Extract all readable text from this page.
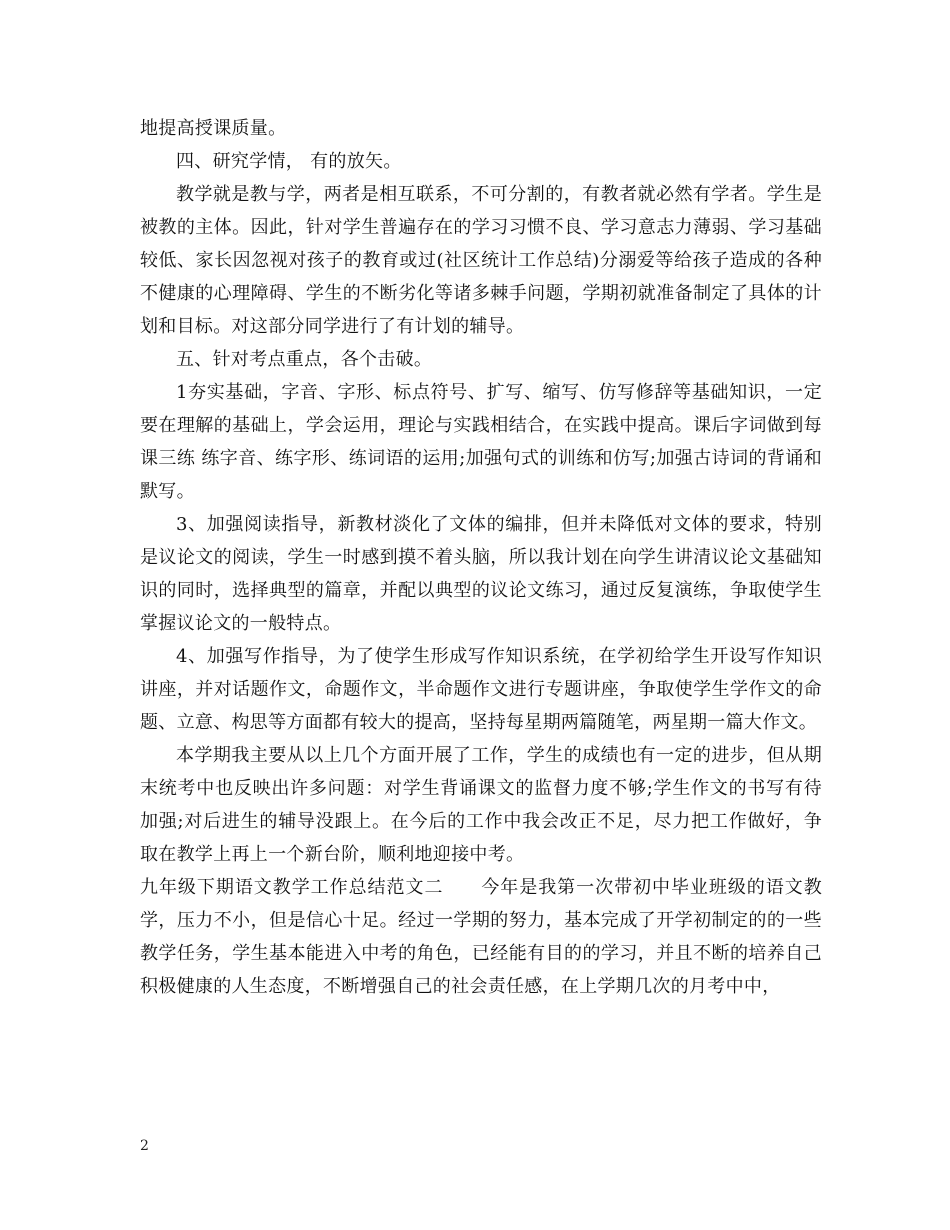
地提高授课质量。

四、研究学情， 有的放矢。

教学就是教与学，两者是相互联系，不可分割的，有教者就必然有学者。学生是被教的主体。因此，针对学生普遍存在的学习习惯不良、学习意志力薄弱、学习基础较低、家长因忽视对孩子的教育或过(社区统计工作总结)分溺爱等给孩子造成的各种不健康的心理障碍、学生的不断劣化等诸多棘手问题，学期初就准备制定了具体的计划和目标。对这部分同学进行了有计划的辅导。

五、针对考点重点，各个击破。

1夯实基础，字音、字形、标点符号、扩写、缩写、仿写修辞等基础知识，一定要在理解的基础上，学会运用，理论与实践相结合，在实践中提高。课后字词做到每课三练 练字音、练字形、练词语的运用;加强句式的训练和仿写;加强古诗词的背诵和默写。

3、加强阅读指导，新教材淡化了文体的编排，但并未降低对文体的要求，特别是议论文的阅读，学生一时感到摸不着头脑，所以我计划在向学生讲清议论文基础知识的同时，选择典型的篇章，并配以典型的议论文练习，通过反复演练，争取使学生掌握议论文的一般特点。

4、加强写作指导，为了使学生形成写作知识系统，在学初给学生开设写作知识讲座，并对话题作文，命题作文，半命题作文进行专题讲座，争取使学生学作文的命题、立意、构思等方面都有较大的提高，坚持每星期两篇随笔，两星期一篇大作文。

本学期我主要从以上几个方面开展了工作，学生的成绩也有一定的进步，但从期末统考中也反映出许多问题：对学生背诵课文的监督力度不够;学生作文的书写有待加强;对后进生的辅导没跟上。在今后的工作中我会改正不足，尽力把工作做好，争取在教学上再上一个新台阶，顺利地迎接中考。

九年级下期语文教学工作总结范文二　　今年是我第一次带初中毕业班级的语文教学，压力不小，但是信心十足。经过一学期的努力，基本完成了开学初制定的的一些教学任务，学生基本能进入中考的角色，已经能有目的的学习，并且不断的培养自己积极健康的人生态度，不断增强自己的社会责任感，在上学期几次的月考中中，

2
